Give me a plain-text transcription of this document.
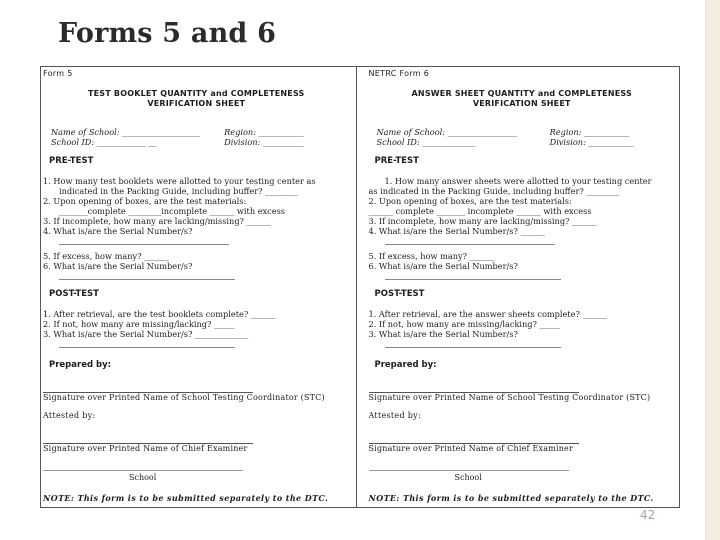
Forms 5 and 6
Form 5
TEST BOOKLET QUANTITY and COMPLETENESS
VERIFICATION SHEET
Name of School: ___________________	Region: ___________
School ID: ____________ __	Division: __________
PRE-TEST
1. How many test booklets were allotted to your testing center as
indicated in the Packing Guide, including buffer? ________
2. Upon opening of boxes, are the test materials:
_______complete ________incomplete ______ with excess
3. If incomplete, how many are lacking/missing? ______
4. What is/are the Serial Number/s?
5. If excess, how many? ______
6. What is/are the Serial Number/s?
POST-TEST
1. After retrieval, are the test booklets complete? ______
2. If not, how many are missing/lacking? _____
3. What is/are the Serial Number/s? _____________
Prepared by:
Signature over Printed Name of School Testing Coordinator (STC)
Attested by:
Signature over Printed Name of Chief Examiner
School
NOTE: This form is to be submitted separately to the DTC.
NETRC Form 6
ANSWER SHEET QUANTITY and COMPLETENESS
VERIFICATION SHEET
Name of School: _________________	Region: ___________
School ID: _____________	Division: ___________
PRE-TEST
1. How many answer sheets were allotted to your testing center
as indicated in the Packing Guide, including buffer? ________
2. Upon opening of boxes, are the test materials:
______ complete _______ incomplete ______ with excess
3. If incomplete, how many are lacking/missing? ______
4. What is/are the Serial Number/s? ______
5. If excess, how many? ______
6. What is/are the Serial Number/s?
POST-TEST
1. After retrieval, are the answer sheets complete? ______
2. If not, how many are missing/lacking? _____
3. What is/are the Serial Number/s?
Prepared by:
Signature over Printed Name of School Testing Coordinator (STC)
Attested by:
Signature over Printed Name of Chief Examiner
School
NOTE: This form is to be submitted separately to the DTC.
42
